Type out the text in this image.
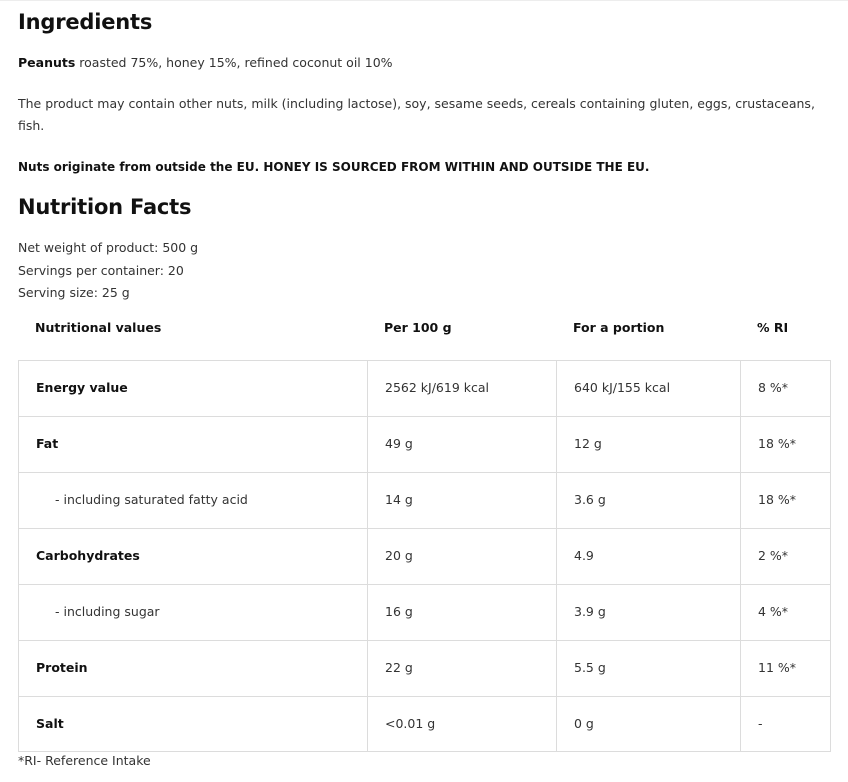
Ingredients

Peanuts roasted 75%, honey 15%, refined coconut oil 10%

The product may contain other nuts, milk (including lactose), soy, sesame seeds, cereals containing gluten, eggs, crustaceans, fish.

Nuts originate from outside the EU. HONEY IS SOURCED FROM WITHIN AND OUTSIDE THE EU.

Nutrition Facts
Net weight of product: 500 g
Servings per container: 20
Serving size: 25 g
Nutritional values	Per 100 g	For a portion	% RI
Energy value	2562 kJ/619 kcal	640 kJ/155 kcal	8 %*
Fat	49 g	12 g	18 %*
- including saturated fatty acid	14 g	3.6 g	18 %*
Carbohydrates	20 g	4.9	2 %*
- including sugar	16 g	3.9 g	4 %*
Protein	22 g	5.5 g	11 %*
Salt	<0.01 g	0 g	-
*RI- Reference Intake
